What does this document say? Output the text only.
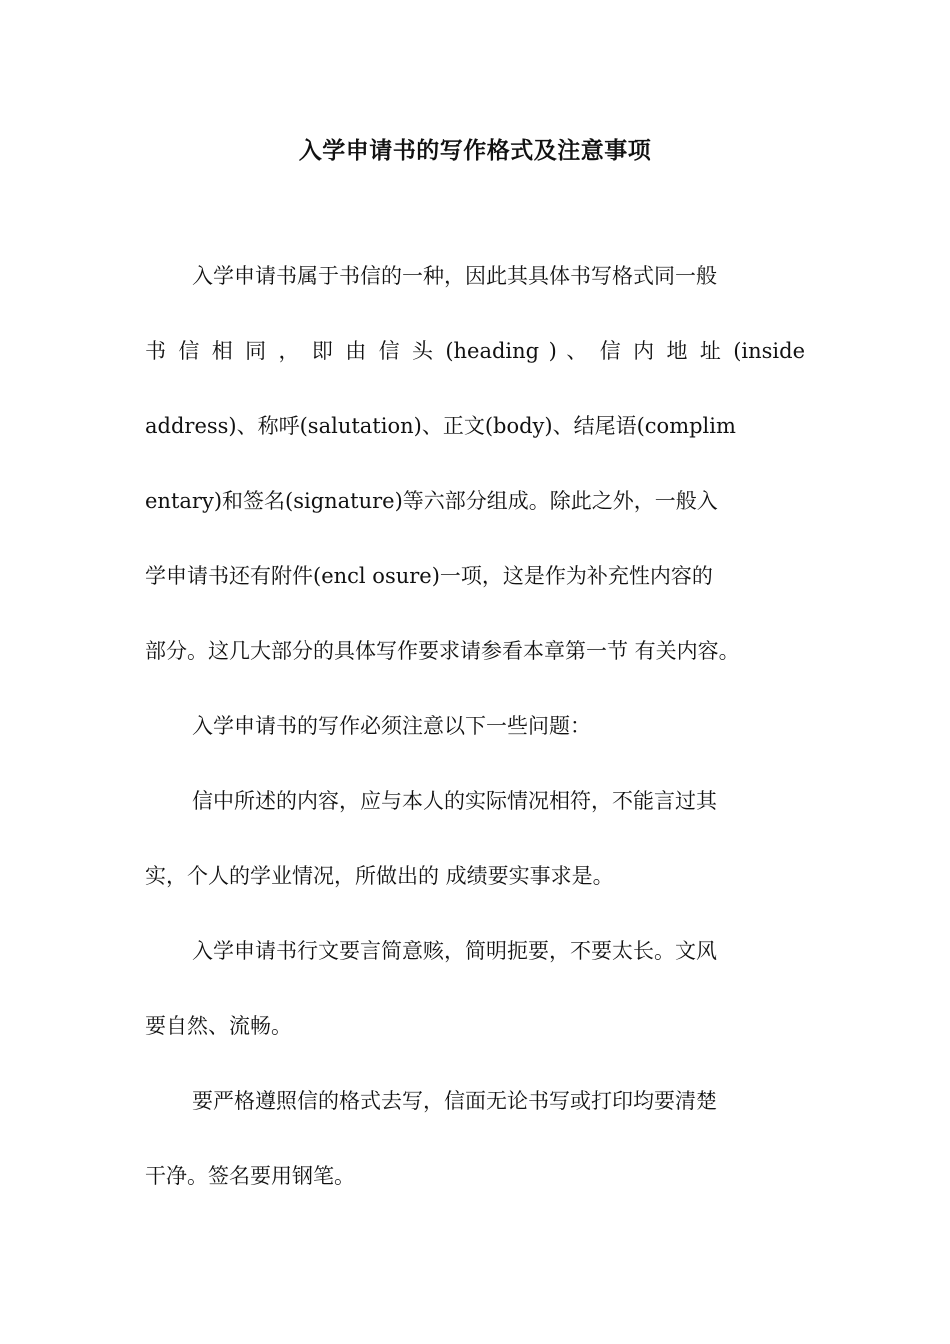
入学申请书的写作格式及注意事项
入学申请书属于书信的一种，因此其具体书写格式同一般
书 信 相 同 ， 即 由 信 头 (heading ) 、 信 内 地 址 (inside
address)、称呼(salutation)、正文(body)、结尾语(complim
entary)和签名(signature)等六部分组成。除此之外，一般入
学申请书还有附件(encl osure)一项，这是作为补充性内容的
部分。这几大部分的具体写作要求请参看本章第一节 有关内容。
入学申请书的写作必须注意以下一些问题：
信中所述的内容，应与本人的实际情况相符，不能言过其
实，个人的学业情况，所做出的 成绩要实事求是。
入学申请书行文要言简意赅，简明扼要，不要太长。文风
要自然、流畅。
要严格遵照信的格式去写，信面无论书写或打印均要清楚
干净。签名要用钢笔。
